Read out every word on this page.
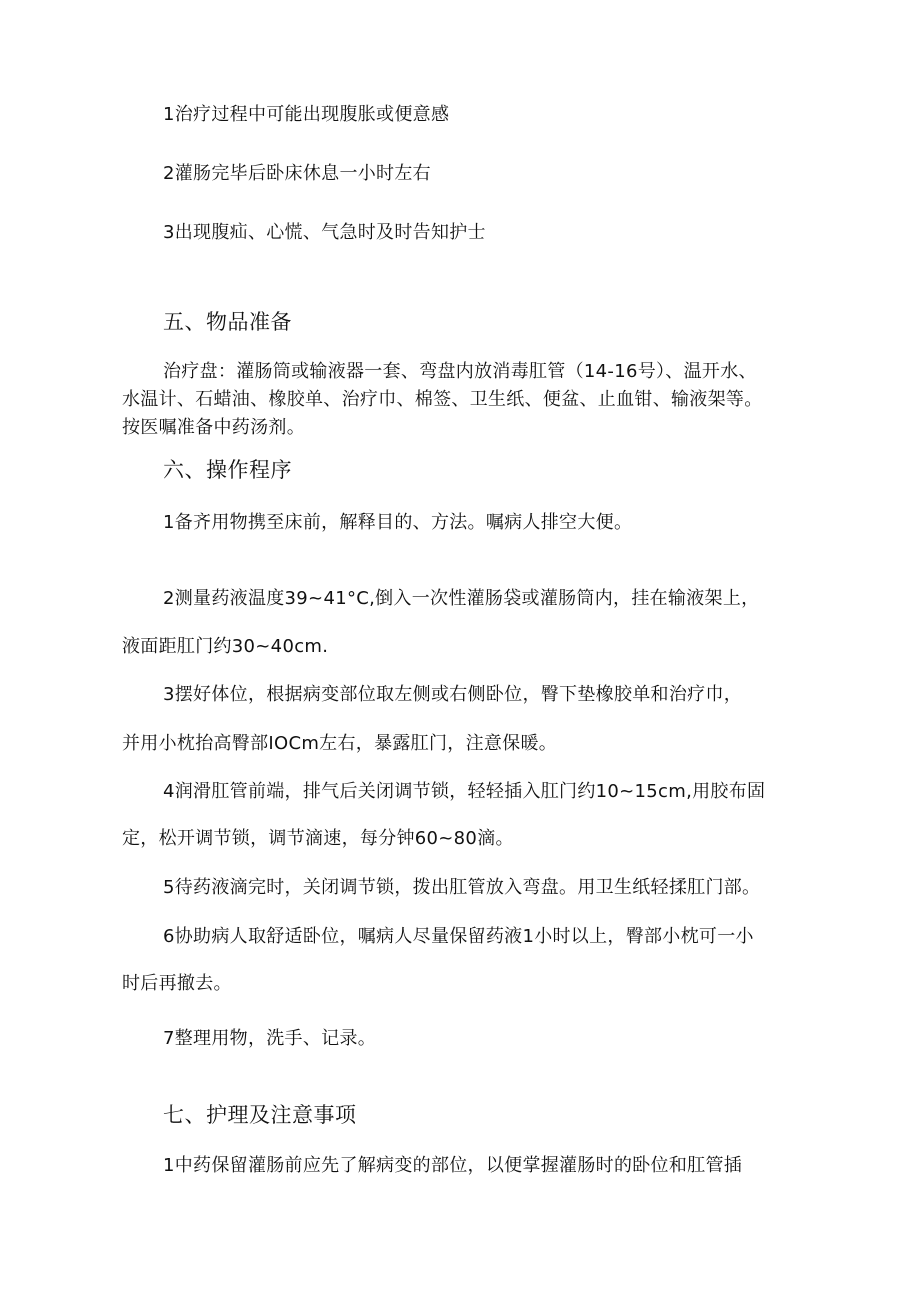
1治疗过程中可能出现腹胀或便意感
2灌肠完毕后卧床休息一小时左右
3出现腹疝、心慌、气急时及时告知护士
五、物品准备
治疗盘：灌肠筒或输液器一套、弯盘内放消毒肛管（14-16号）、温开水、
水温计、石蜡油、橡胶单、治疗巾、棉签、卫生纸、便盆、止血钳、输液架等。
按医嘱准备中药汤剂。
六、操作程序
1备齐用物携至床前，解释目的、方法。嘱病人排空大便。
2测量药液温度39~41°C,倒入一次性灌肠袋或灌肠筒内，挂在输液架上，
液面距肛门约30~40cm.
3摆好体位，根据病变部位取左侧或右侧卧位，臀下垫橡胶单和治疗巾，
并用小枕抬高臀部IOCm左右，暴露肛门，注意保暖。
4润滑肛管前端，排气后关闭调节锁，轻轻插入肛门约10~15cm,用胶布固
定，松开调节锁，调节滴速，每分钟60~80滴。
5待药液滴完时，关闭调节锁，拨出肛管放入弯盘。用卫生纸轻揉肛门部。
6协助病人取舒适卧位，嘱病人尽量保留药液1小时以上，臀部小枕可一小
时后再撤去。
7整理用物，洗手、记录。
七、护理及注意事项
1中药保留灌肠前应先了解病变的部位，以便掌握灌肠时的卧位和肛管插
